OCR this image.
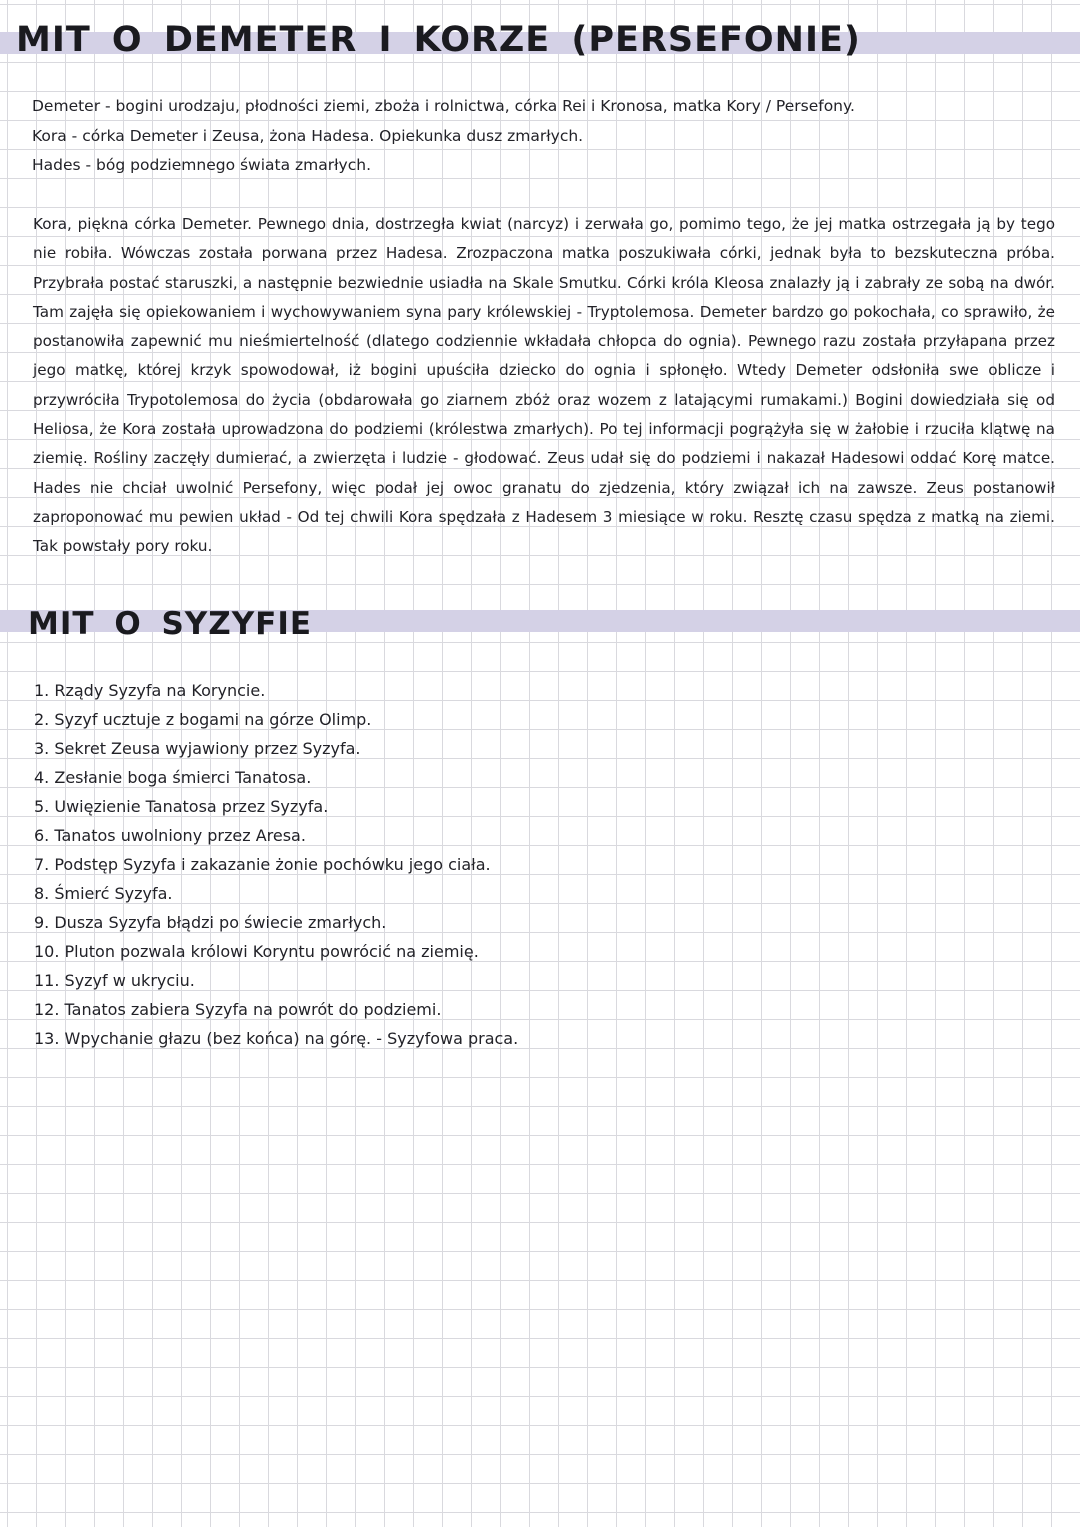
MIT O DEMETER I KORZE (PERSEFONIE)

Demeter - bogini urodzaju, płodności ziemi, zboża i rolnictwa, córka Rei i Kronosa, matka Kory / Persefony.

Kora - córka Demeter i Zeusa, żona Hadesa. Opiekunka dusz zmarłych.

Hades - bóg podziemnego świata zmarłych.

Kora, piękna córka Demeter. Pewnego dnia, dostrzegła kwiat (narcyz) i zerwała go, pomimo tego, że jej matka ostrzegała ją by tego nie robiła. Wówczas została porwana przez Hadesa. Zrozpaczona matka poszukiwała córki, jednak była to bezskuteczna próba. Przybrała postać staruszki, a następnie bezwiednie usiadła na Skale Smutku. Córki króla Kleosa znalazły ją i zabrały ze sobą na dwór. Tam zajęła się opiekowaniem i wychowywaniem syna pary królewskiej - Tryptolemosa. Demeter bardzo go pokochała, co sprawiło, że postanowiła zapewnić mu nieśmiertelność (dlatego codziennie wkładała chłopca do ognia). Pewnego razu została przyłapana przez jego matkę, której krzyk spowodował, iż bogini upuściła dziecko do ognia i spłonęło. Wtedy Demeter odsłoniła swe oblicze i przywróciła Trypotolemosa do życia (obdarowała go ziarnem zbóż oraz wozem z latającymi rumakami.) Bogini dowiedziała się od Heliosa, że Kora została uprowadzona do podziemi (królestwa zmarłych). Po tej informacji pogrążyła się w żałobie i rzuciła klątwę na ziemię. Rośliny zaczęły dumierać, a zwierzęta i ludzie - głodować. Zeus udał się do podziemi i nakazał Hadesowi oddać Korę matce. Hades nie chciał uwolnić Persefony, więc podał jej owoc granatu do zjedzenia, który związał ich na zawsze. Zeus postanowił zaproponować mu pewien układ - Od tej chwili Kora spędzała z Hadesem 3 miesiące w roku. Resztę czasu spędza z matką na ziemi. Tak powstały pory roku.

MIT O SYZYFIE
1. Rządy Syzyfa na Koryncie.
2. Syzyf ucztuje z bogami na górze Olimp.
3. Sekret Zeusa wyjawiony przez Syzyfa.
4. Zesłanie boga śmierci Tanatosa.
5. Uwięzienie Tanatosa przez Syzyfa.
6. Tanatos uwolniony przez Aresa.
7. Podstęp Syzyfa i zakazanie żonie pochówku jego ciała.
8. Śmierć Syzyfa.
9. Dusza Syzyfa błądzi po świecie zmarłych.
10. Pluton pozwala królowi Koryntu powrócić na ziemię.
11. Syzyf w ukryciu.
12. Tanatos zabiera Syzyfa na powrót do podziemi.
13. Wpychanie głazu (bez końca) na górę. - Syzyfowa praca.
